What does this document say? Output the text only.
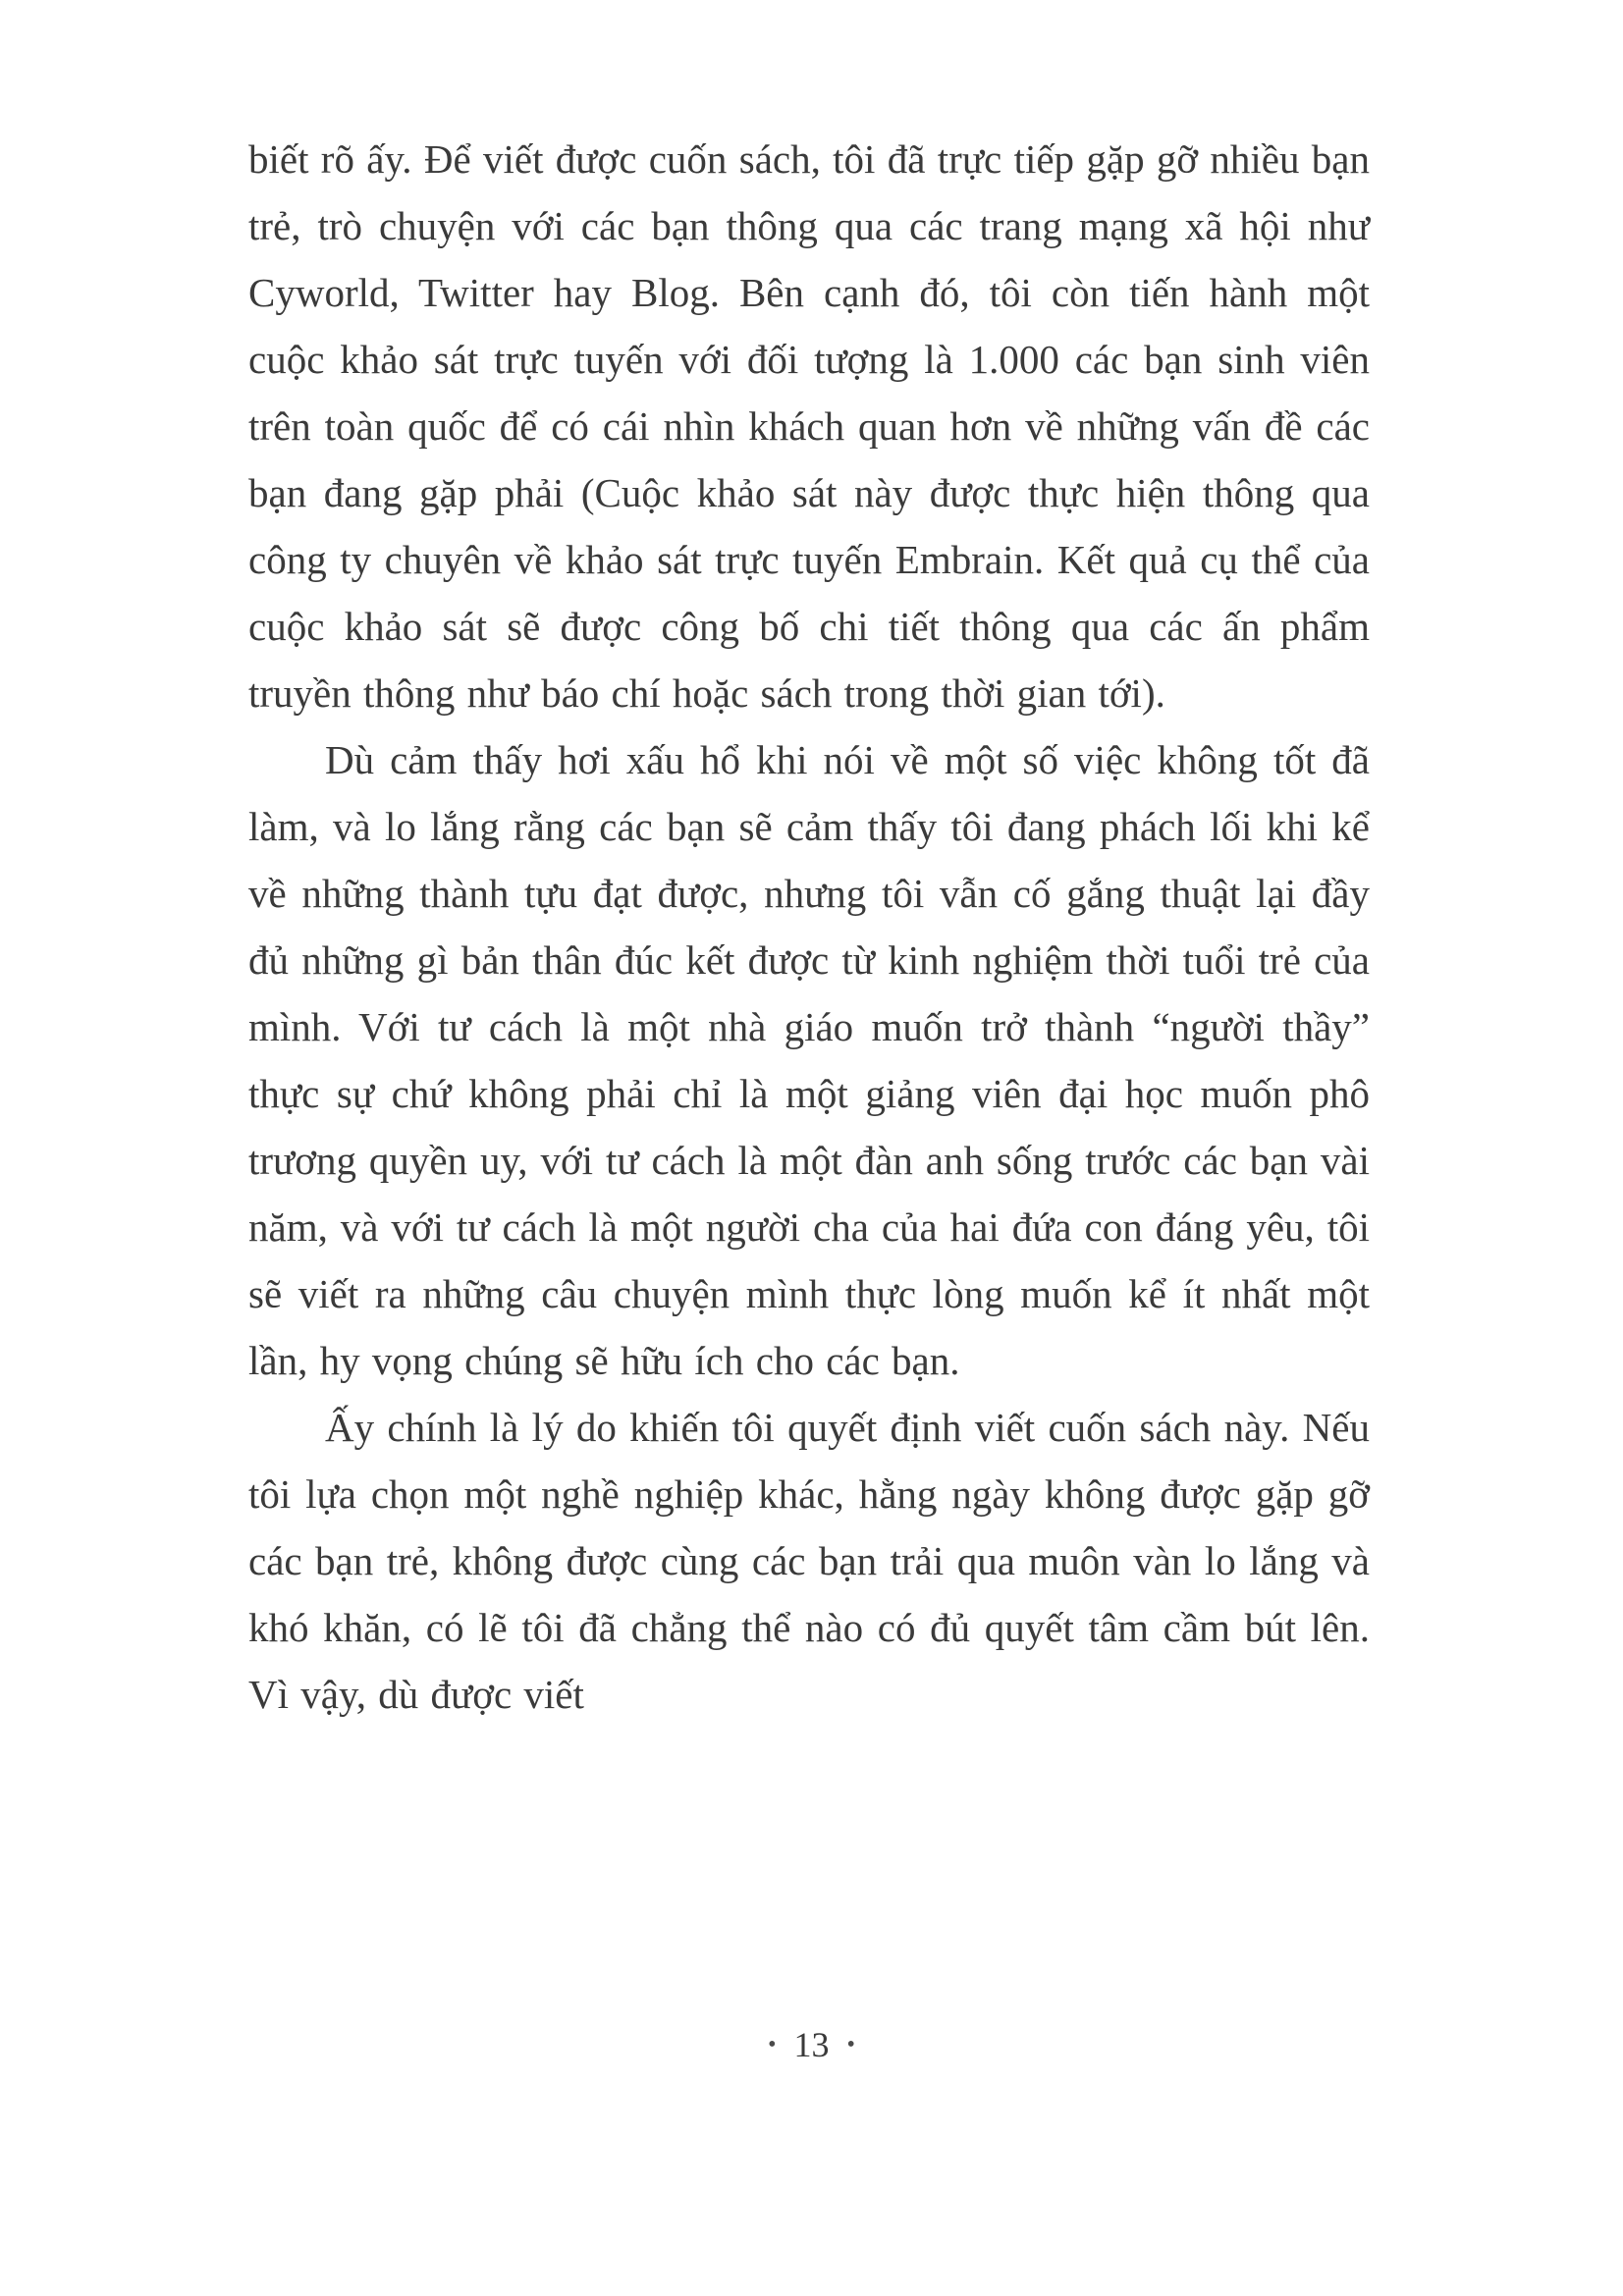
biết rõ ấy. Để viết được cuốn sách, tôi đã trực tiếp gặp gỡ nhiều bạn trẻ, trò chuyện với các bạn thông qua các trang mạng xã hội như Cyworld, Twitter hay Blog. Bên cạnh đó, tôi còn tiến hành một cuộc khảo sát trực tuyến với đối tượng là 1.000 các bạn sinh viên trên toàn quốc để có cái nhìn khách quan hơn về những vấn đề các bạn đang gặp phải (Cuộc khảo sát này được thực hiện thông qua công ty chuyên về khảo sát trực tuyến Embrain. Kết quả cụ thể của cuộc khảo sát sẽ được công bố chi tiết thông qua các ấn phẩm truyền thông như báo chí hoặc sách trong thời gian tới).

Dù cảm thấy hơi xấu hổ khi nói về một số việc không tốt đã làm, và lo lắng rằng các bạn sẽ cảm thấy tôi đang phách lối khi kể về những thành tựu đạt được, nhưng tôi vẫn cố gắng thuật lại đầy đủ những gì bản thân đúc kết được từ kinh nghiệm thời tuổi trẻ của mình. Với tư cách là một nhà giáo muốn trở thành “người thầy” thực sự chứ không phải chỉ là một giảng viên đại học muốn phô trương quyền uy, với tư cách là một đàn anh sống trước các bạn vài năm, và với tư cách là một người cha của hai đứa con đáng yêu, tôi sẽ viết ra những câu chuyện mình thực lòng muốn kể ít nhất một lần, hy vọng chúng sẽ hữu ích cho các bạn.

Ấy chính là lý do khiến tôi quyết định viết cuốn sách này. Nếu tôi lựa chọn một nghề nghiệp khác, hằng ngày không được gặp gỡ các bạn trẻ, không được cùng các bạn trải qua muôn vàn lo lắng và khó khăn, có lẽ tôi đã chẳng thể nào có đủ quyết tâm cầm bút lên. Vì vậy, dù được viết

• 13 •
